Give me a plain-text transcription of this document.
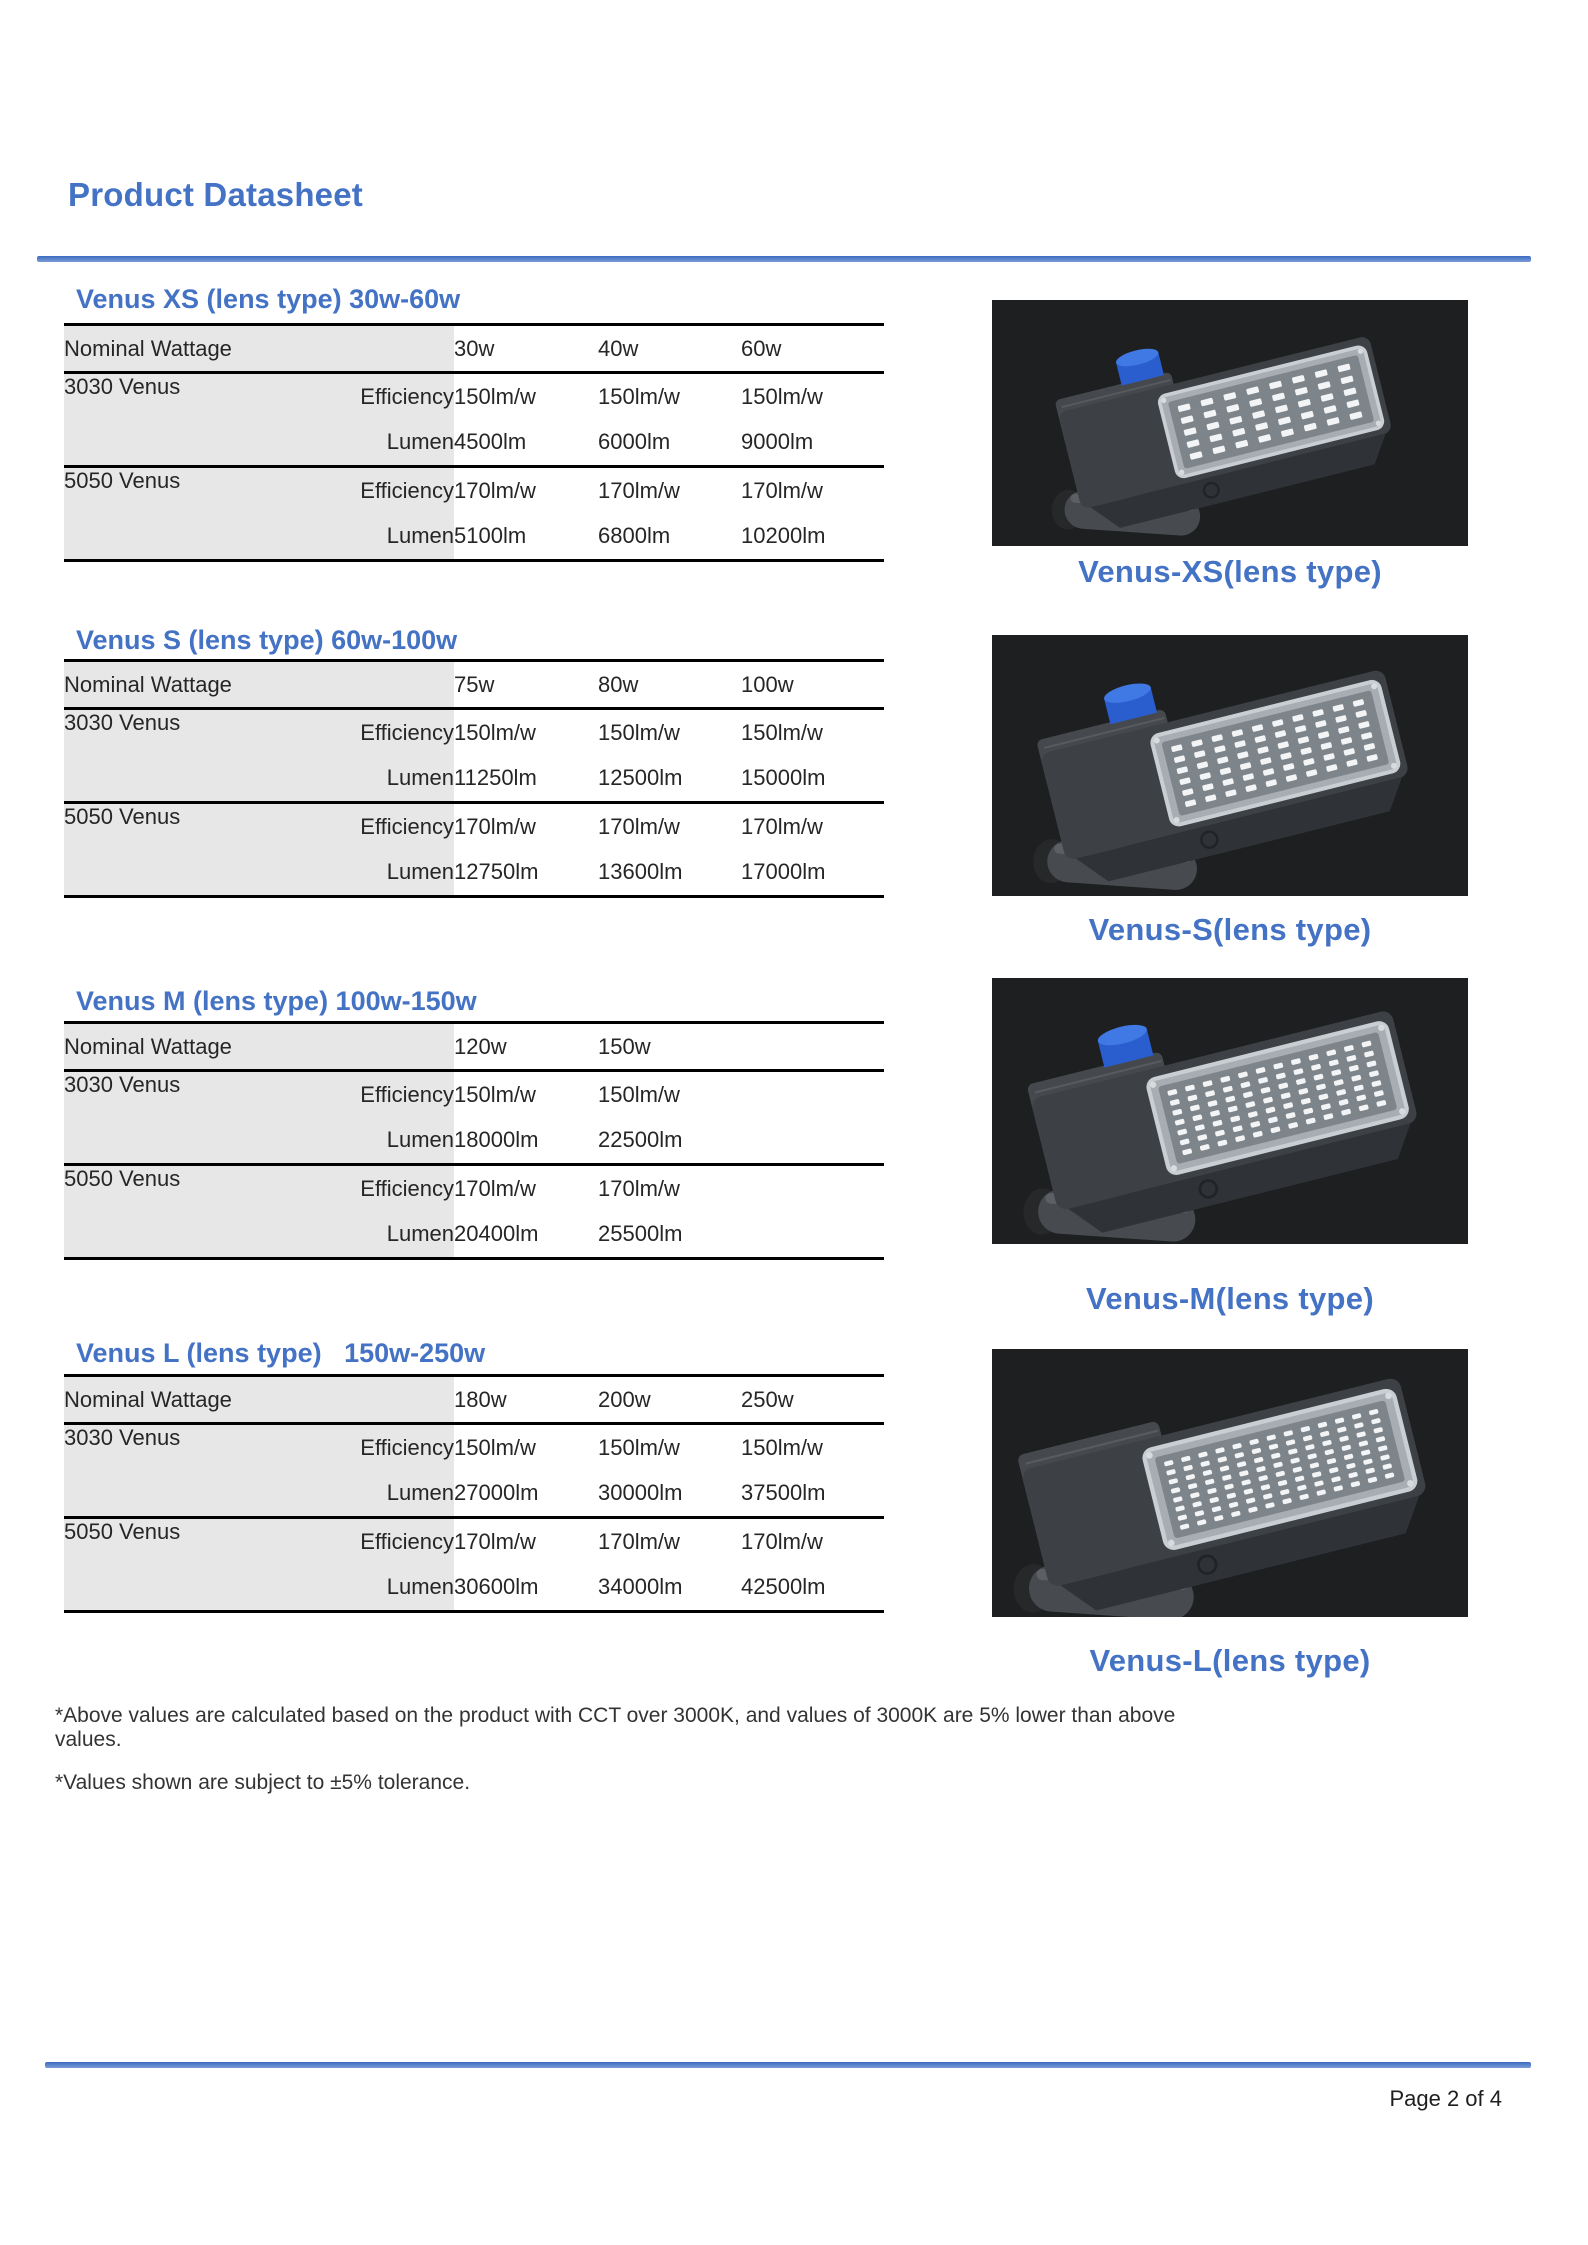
Product Datasheet
Venus XS (lens type) 30w-60w
Nominal Wattage		30w	40w	60w
3030 Venus	Efficiency	150lm/w	150lm/w	150lm/w
	Lumen	4500lm	6000lm	9000lm
5050 Venus	Efficiency	170lm/w	170lm/w	170lm/w
	Lumen	5100lm	6800lm	10200lm

Venus-XS(lens type)

Venus S (lens type) 60w-100w
Nominal Wattage		75w	80w	100w
3030 Venus	Efficiency	150lm/w	150lm/w	150lm/w
	Lumen	11250lm	12500lm	15000lm
5050 Venus	Efficiency	170lm/w	170lm/w	170lm/w
	Lumen	12750lm	13600lm	17000lm

Venus-S(lens type)

Venus M (lens type) 100w-150w
Nominal Wattage		120w	150w	
3030 Venus	Efficiency	150lm/w	150lm/w	
	Lumen	18000lm	22500lm	
5050 Venus	Efficiency	170lm/w	170lm/w	
	Lumen	20400lm	25500lm	

Venus-M(lens type)

Venus L (lens type)   150w-250w
Nominal Wattage		180w	200w	250w
3030 Venus	Efficiency	150lm/w	150lm/w	150lm/w
	Lumen	27000lm	30000lm	37500lm
5050 Venus	Efficiency	170lm/w	170lm/w	170lm/w
	Lumen	30600lm	34000lm	42500lm

Venus-L(lens type)

*Above values are calculated based on the product with CCT over 3000K, and values of 3000K are 5% lower than above values.

*Values shown are subject to ±5% tolerance.

Page 2 of 4
